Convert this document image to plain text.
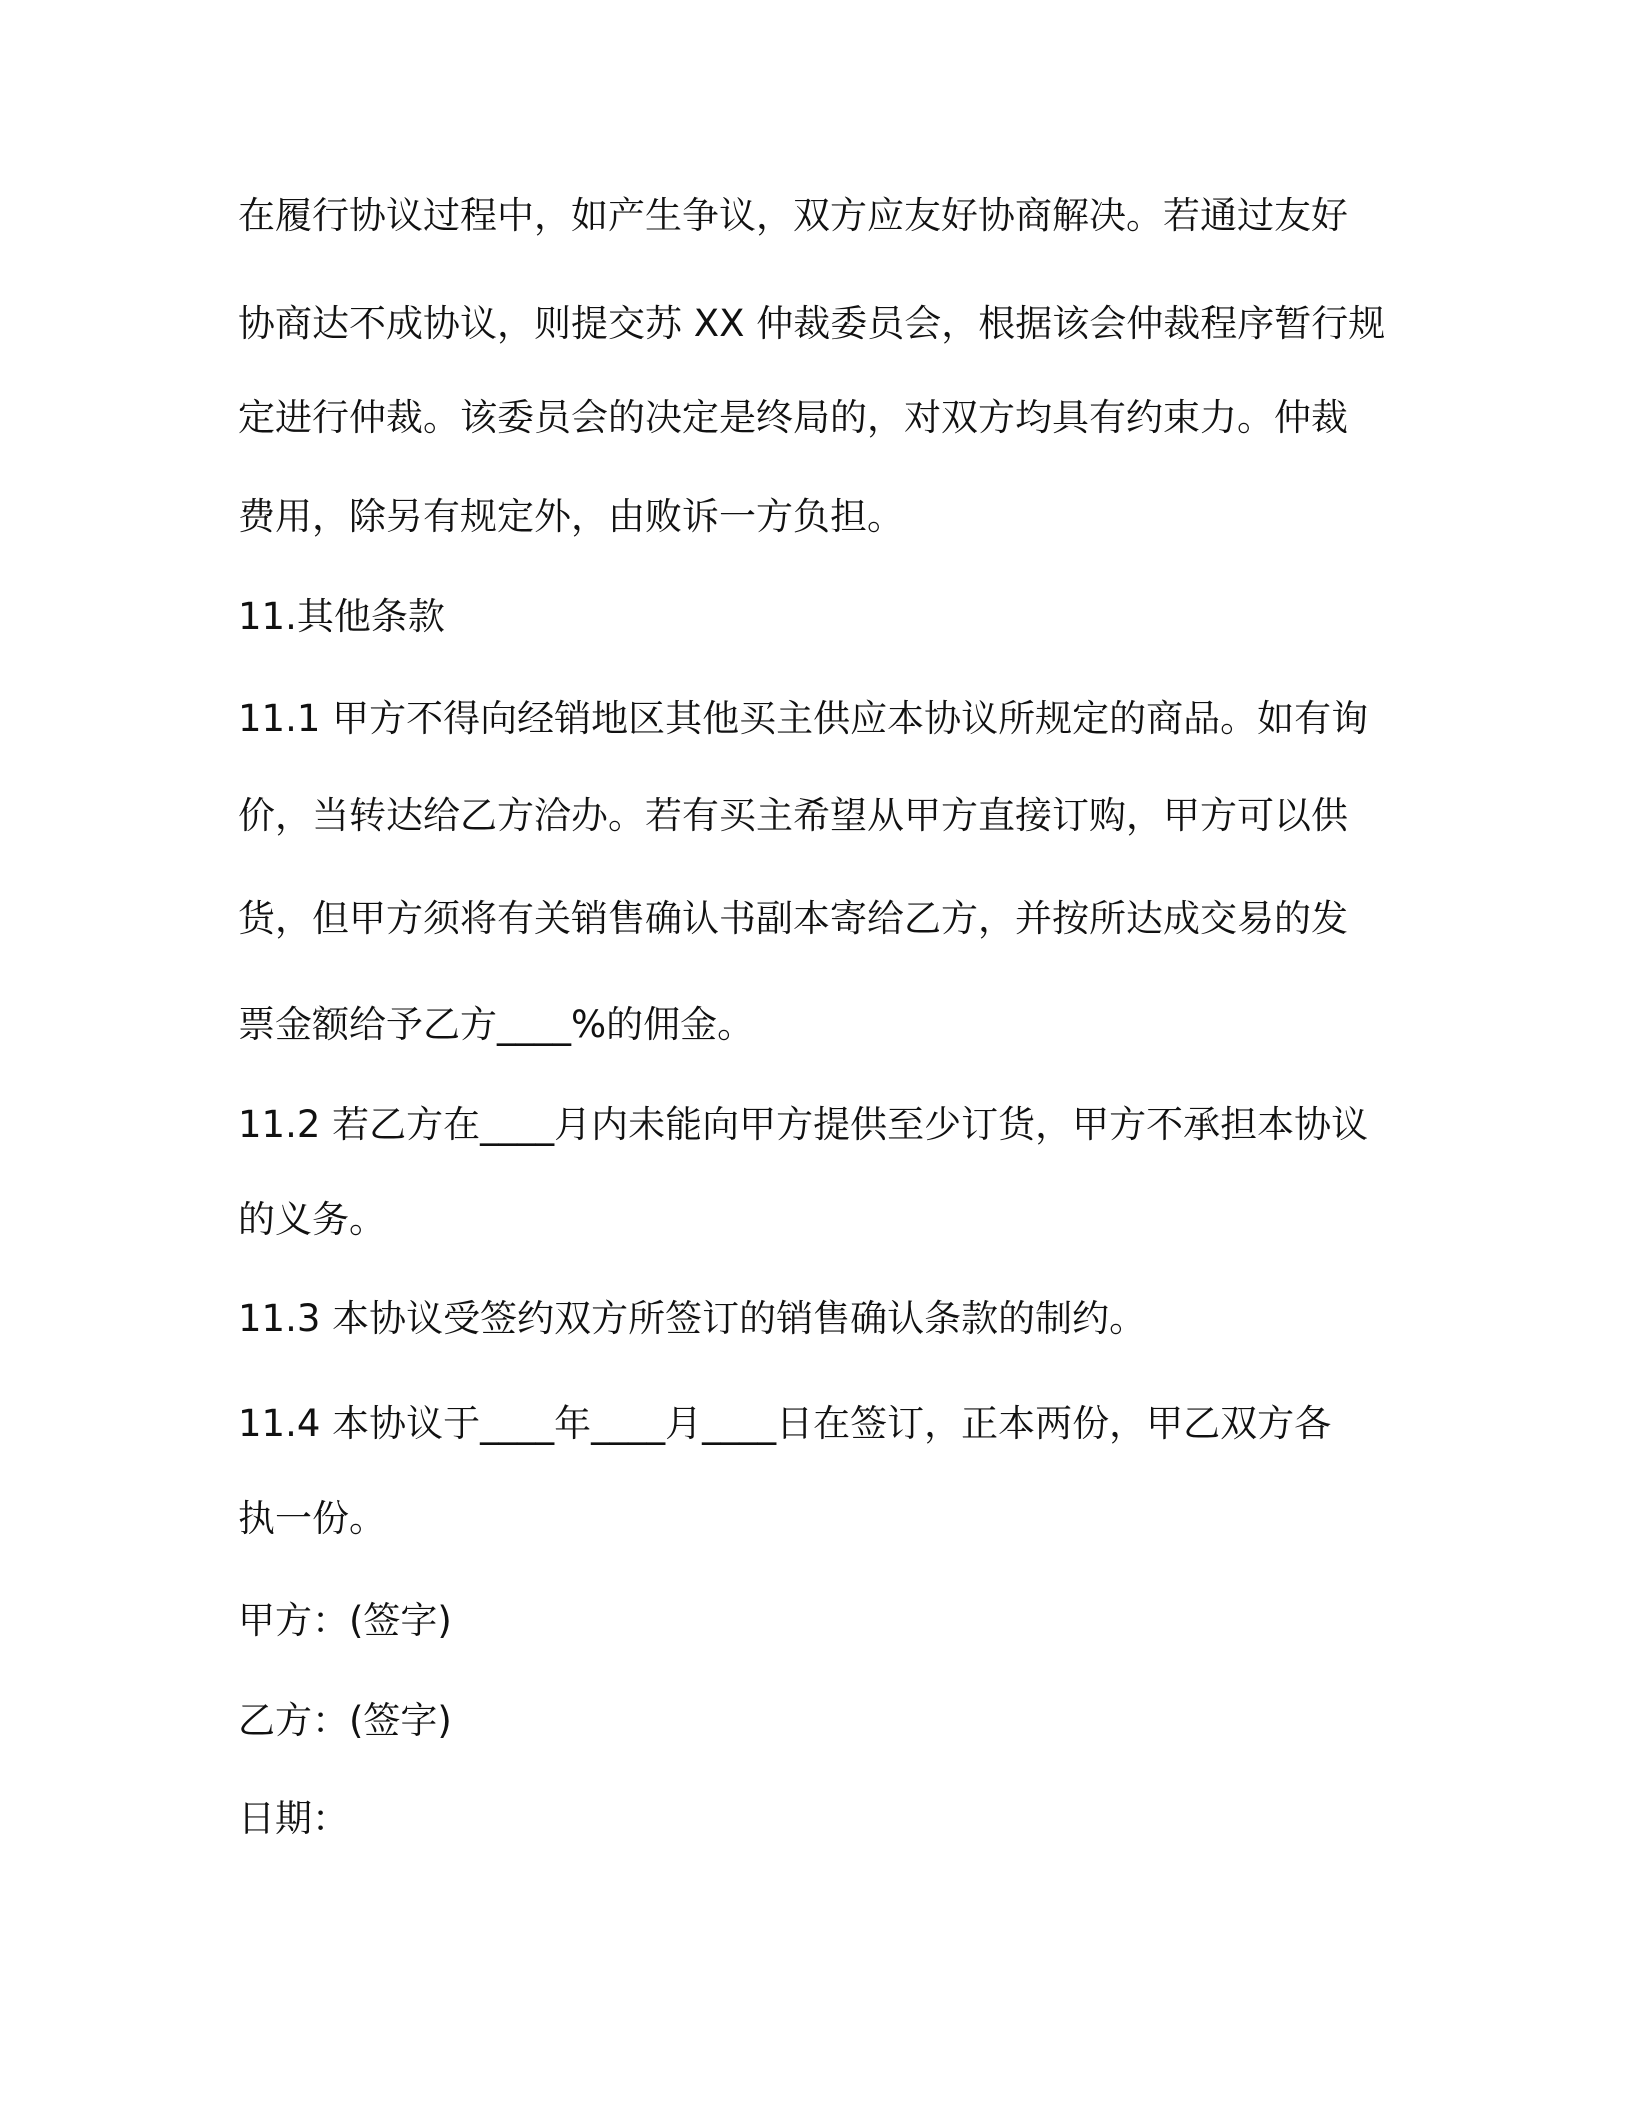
在履行协议过程中，如产生争议，双方应友好协商解决。若通过友好

协商达不成协议，则提交苏 XX 仲裁委员会，根据该会仲裁程序暂行规

定进行仲裁。该委员会的决定是终局的，对双方均具有约束力。仲裁

费用，除另有规定外，由败诉一方负担。

11.其他条款

11.1 甲方不得向经销地区其他买主供应本协议所规定的商品。如有询

价，当转达给乙方洽办。若有买主希望从甲方直接订购，甲方可以供

货，但甲方须将有关销售确认书副本寄给乙方，并按所达成交易的发

票金额给予乙方____%的佣金。

11.2 若乙方在____月内未能向甲方提供至少订货，甲方不承担本协议

的义务。

11.3 本协议受签约双方所签订的销售确认条款的制约。

11.4 本协议于____年____月____日在签订，正本两份，甲乙双方各

执一份。

甲方：(签字)

乙方：(签字)

日期：
